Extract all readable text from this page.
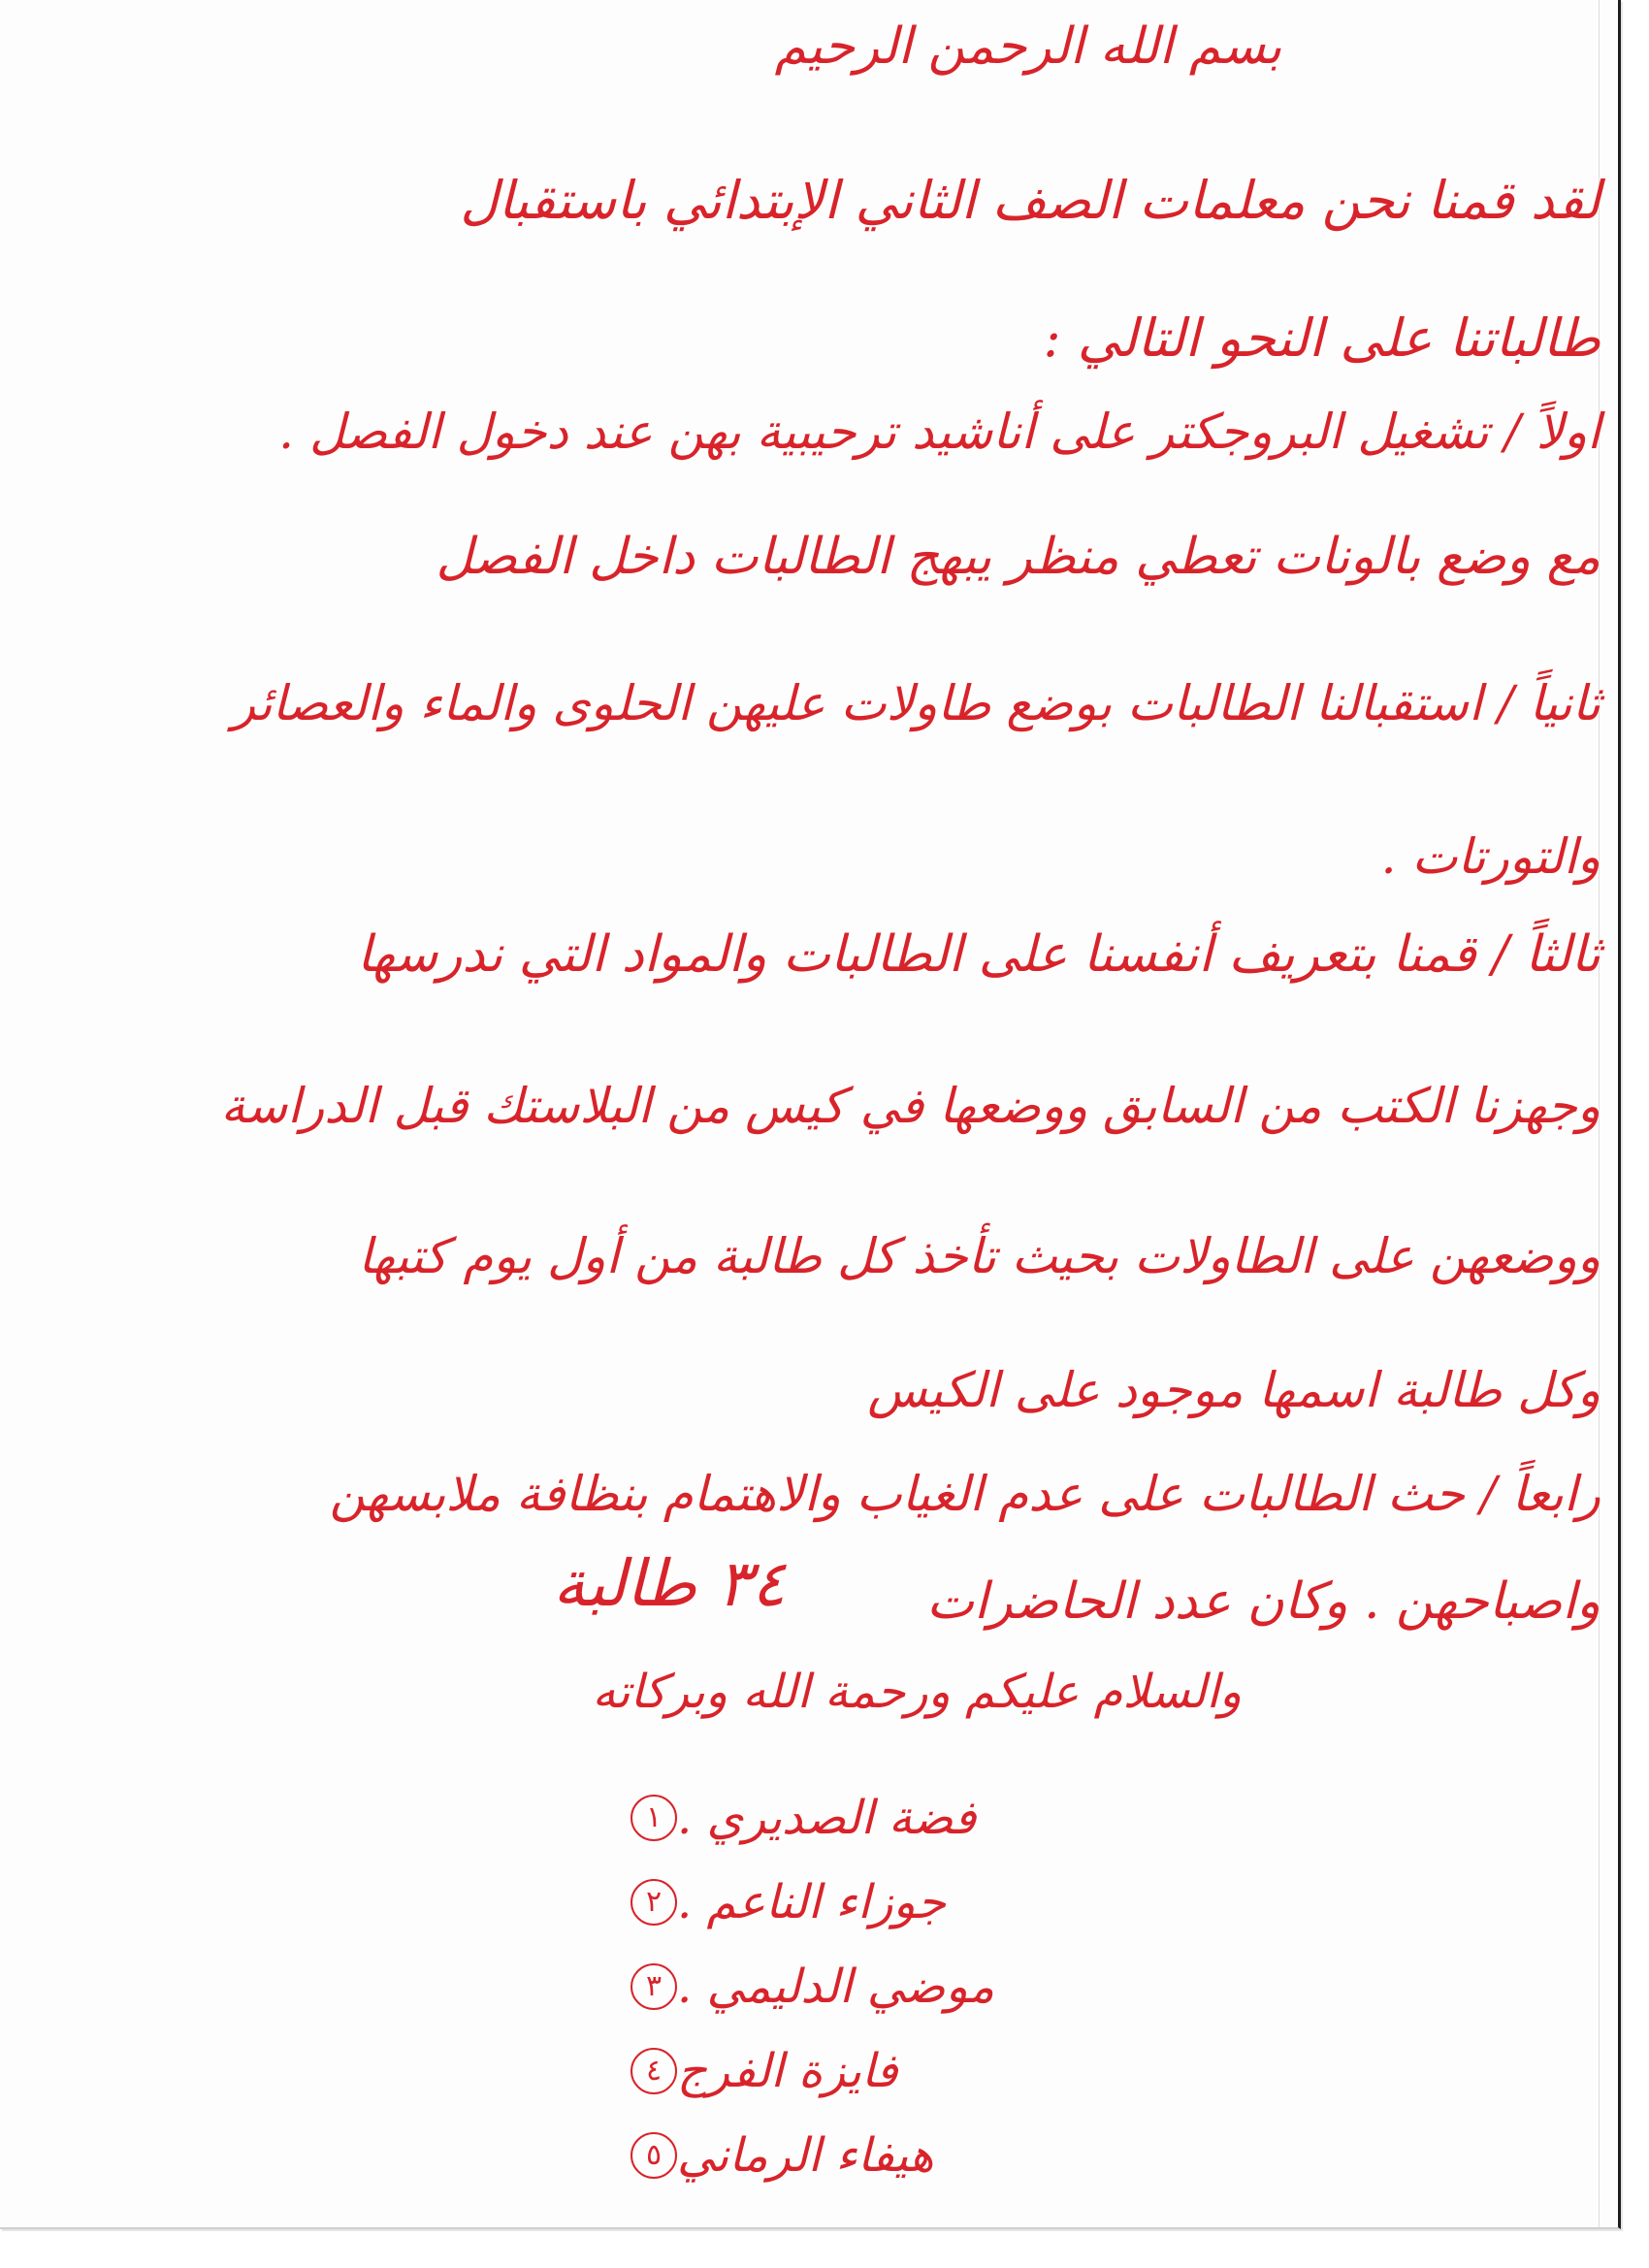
بسم الله الرحمن الرحيم
لقد قمنا نحن معلمات الصف الثاني الإبتدائي باستقبال
طالباتنا على النحو التالي :
اولاً / تشغيل البروجكتر على أناشيد ترحيبية بهن عند دخول الفصل .
مع وضع بالونات تعطي منظر يبهج الطالبات داخل الفصل
ثانياً / استقبالنا الطالبات بوضع طاولات عليهن الحلوى والماء والعصائر
والتورتات .
ثالثاً / قمنا بتعريف أنفسنا على الطالبات والمواد التي ندرسها
وجهزنا الكتب من السابق ووضعها في كيس من البلاستك قبل الدراسة
ووضعهن على الطاولات بحيث تأخذ كل طالبة من أول يوم كتبها
وكل طالبة اسمها موجود على الكيس
رابعاً / حث الطالبات على عدم الغياب والاهتمام بنظافة ملابسهن
واصباحهن . وكان عدد الحاضرات
٣٤ طالبة
والسلام عليكم ورحمة الله وبركاته
١ فضة الصديري .
٢ جوزاء الناعم .
٣ موضي الدليمي .
٤ فايزة الفرج
٥ هيفاء الرماني
